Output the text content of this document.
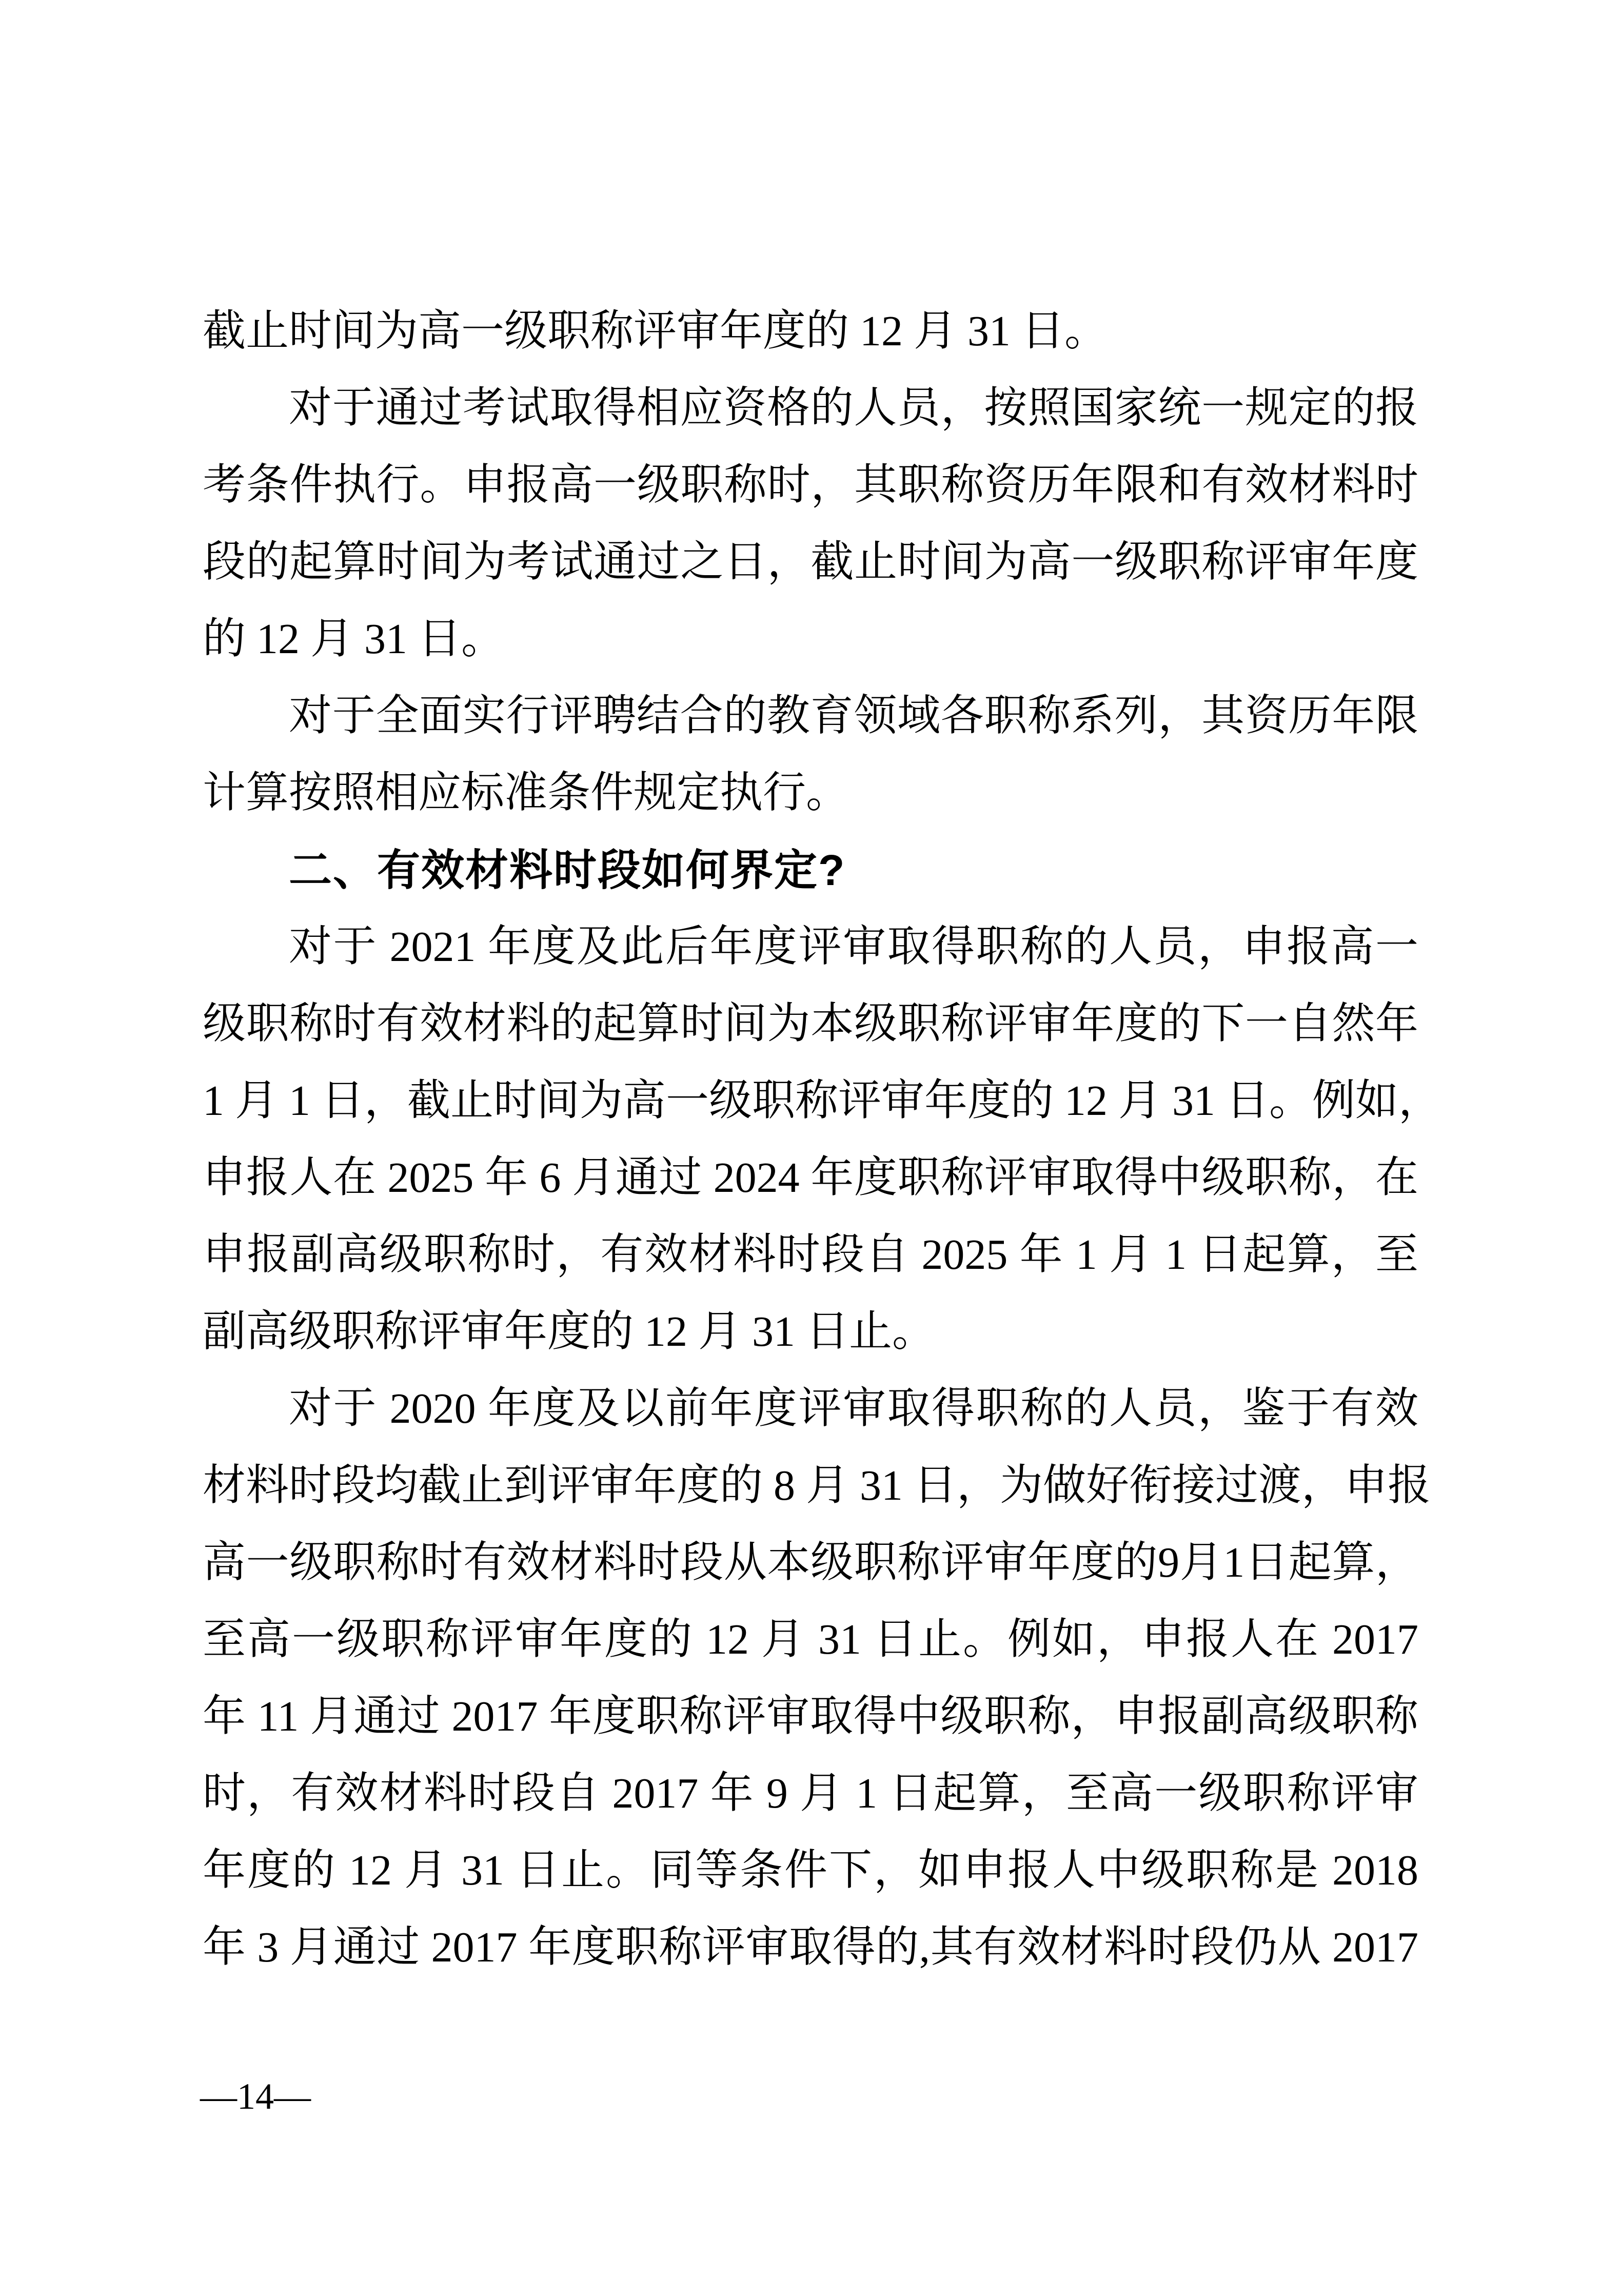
截止时间为高一级职称评审年度的 12 月 31 日。

对于通过考试取得相应资格的人员，按照国家统一规定的报

考条件执行。申报高一级职称时，其职称资历年限和有效材料时

段的起算时间为考试通过之日，截止时间为高一级职称评审年度

的 12 月 31 日。

对于全面实行评聘结合的教育领域各职称系列，其资历年限

计算按照相应标准条件规定执行。

二、有效材料时段如何界定?

对于 2021 年度及此后年度评审取得职称的人员，申报高一

级职称时有效材料的起算时间为本级职称评审年度的下一自然年

1 月 1 日，截止时间为高一级职称评审年度的 12 月 31 日。例如，

申报人在 2025 年 6 月通过 2024 年度职称评审取得中级职称，在

申报副高级职称时，有效材料时段自 2025 年 1 月 1 日起算，至

副高级职称评审年度的 12 月 31 日止。

对于 2020 年度及以前年度评审取得职称的人员，鉴于有效

材料时段均截止到评审年度的 8 月 31 日，为做好衔接过渡，申报

高一级职称时有效材料时段从本级职称评审年度的9月1日起算，

至高一级职称评审年度的 12 月 31 日止。例如，申报人在 2017

年 11 月通过 2017 年度职称评审取得中级职称，申报副高级职称

时，有效材料时段自 2017 年 9 月 1 日起算，至高一级职称评审

年度的 12 月 31 日止。同等条件下，如申报人中级职称是 2018

年 3 月通过 2017 年度职称评审取得的,其有效材料时段仍从 2017

—14—
